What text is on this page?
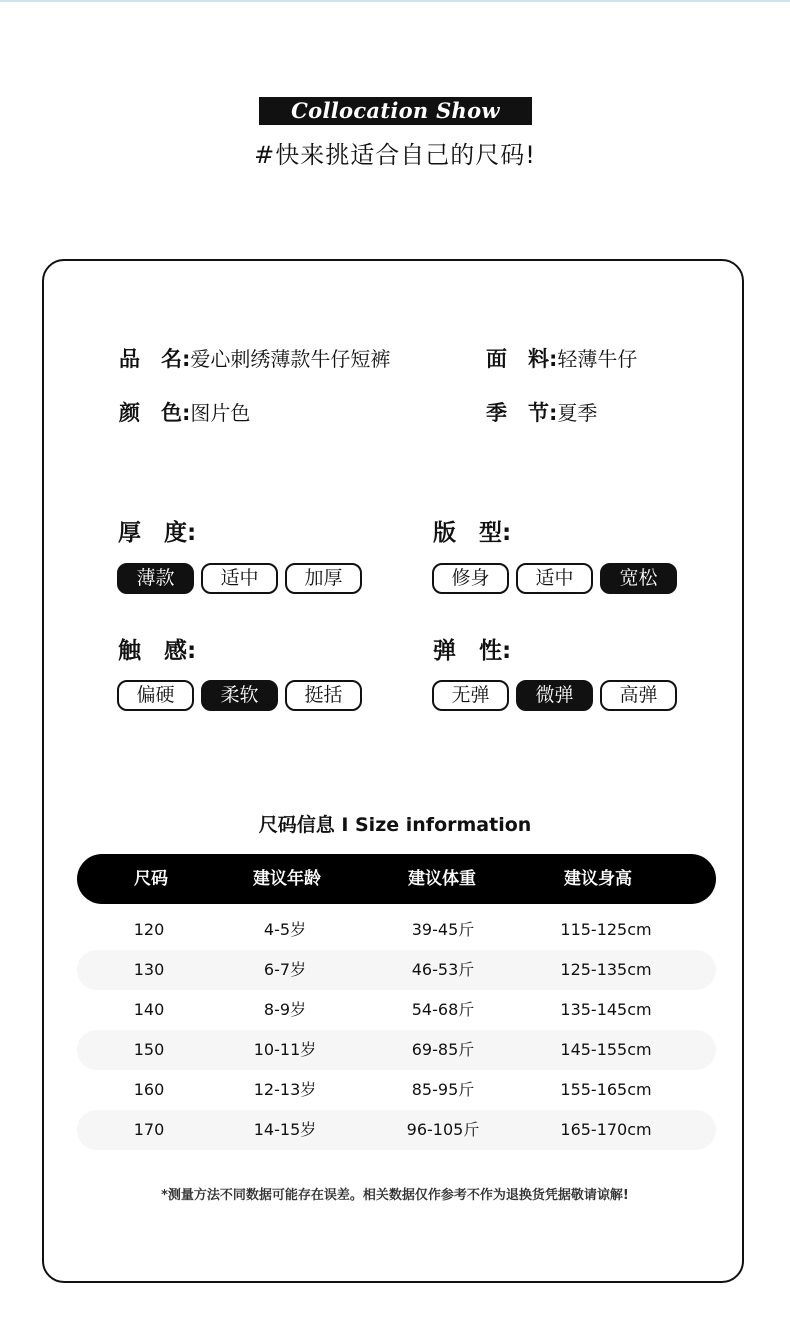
Collocation Show
#快来挑适合自己的尺码!
品　名:爱心刺绣薄款牛仔短裤	面　料:轻薄牛仔
颜　色:图片色	季　节:夏季
厚　度:
薄款	适中	加厚
版　型:
修身	适中	宽松
触　感:
偏硬	柔软	挺括
弹　性:
无弹	微弹	高弹
尺码信息 I Size information
尺码	建议年龄	建议体重	建议身高
120	4-5岁	39-45斤	115-125cm
130	6-7岁	46-53斤	125-135cm
140	8-9岁	54-68斤	135-145cm
150	10-11岁	69-85斤	145-155cm
160	12-13岁	85-95斤	155-165cm
170	14-15岁	96-105斤	165-170cm
*测量方法不同数据可能存在误差。相关数据仅作参考不作为退换货凭据敬请谅解!
